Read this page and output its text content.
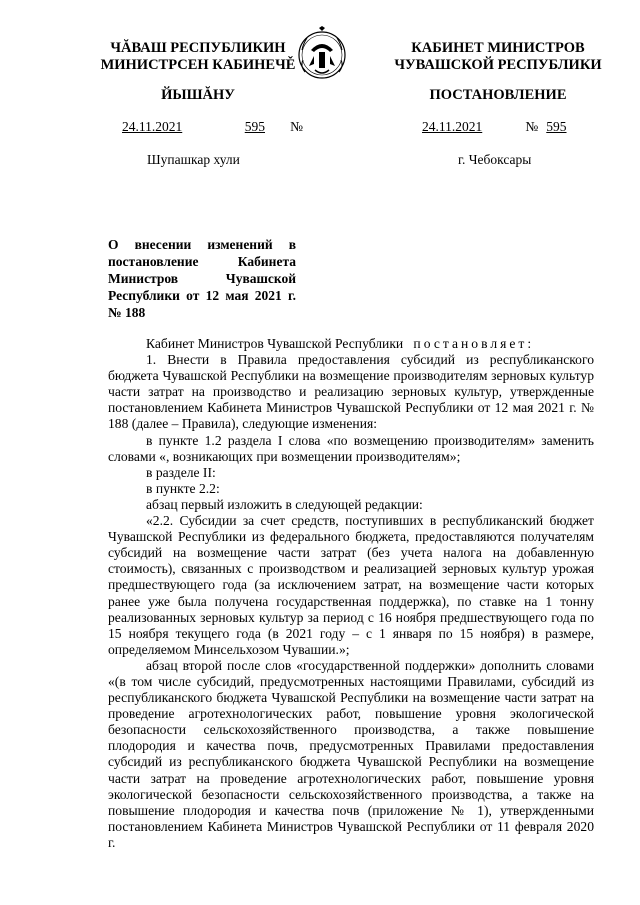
ЧĂВАШ РЕСПУБЛИКИН
МИНИСТРСЕН КАБИНЕЧĚ
ЙЫШĂНУ
КАБИНЕТ МИНИСТРОВ
ЧУВАШСКОЙ РЕСПУБЛИКИ
ПОСТАНОВЛЕНИЕ
24.11.2021	595 №	24.11.2021	№ 595
Шупашкар хули	г. Чебоксары
О внесении изменений в постановление Кабинета Министров Чувашской Республики от 12 мая 2021 г. № 188

Кабинет Министров Чувашской Республики постановляет:

1. Внести в Правила предоставления субсидий из республиканского бюджета Чувашской Республики на возмещение производителям зерновых культур части затрат на производство и реализацию зерновых культур, утвержденные постановлением Кабинета Министров Чувашской Республики от 12 мая 2021 г. № 188 (далее – Правила), следующие изменения:

в пункте 1.2 раздела I слова «по возмещению производителям» заменить словами «, возникающих при возмещении производителям»;

в разделе II:

в пункте 2.2:

абзац первый изложить в следующей редакции:

«2.2. Субсидии за счет средств, поступивших в республиканский бюджет Чувашской Республики из федерального бюджета, предоставляются получателям субсидий на возмещение части затрат (без учета налога на добавленную стоимость), связанных с производством и реализацией зерновых культур урожая предшествующего года (за исключением затрат, на возмещение части которых ранее уже была получена государственная поддержка), по ставке на 1 тонну реализованных зерновых культур за период с 16 ноября предшествующего года по 15 ноября текущего года (в 2021 году – с 1 января по 15 ноября) в размере, определяемом Минсельхозом Чувашии.»;

абзац второй после слов «государственной поддержки» дополнить словами «(в том числе субсидий, предусмотренных настоящими Правилами, субсидий из республиканского бюджета Чувашской Республики на возмещение части затрат на проведение агротехнологических работ, повышение уровня экологической безопасности сельскохозяйственного производства, а также повышение плодородия и качества почв, предусмотренных Правилами предоставления субсидий из республиканского бюджета Чувашской Республики на возмещение части затрат на проведение агротехнологических работ, повышение уровня экологической безопасности сельскохозяйственного производства, а также на повышение плодородия и качества почв (приложение № 1), утвержденными постановлением Кабинета Министров Чувашской Республики от 11 февраля 2020 г.
